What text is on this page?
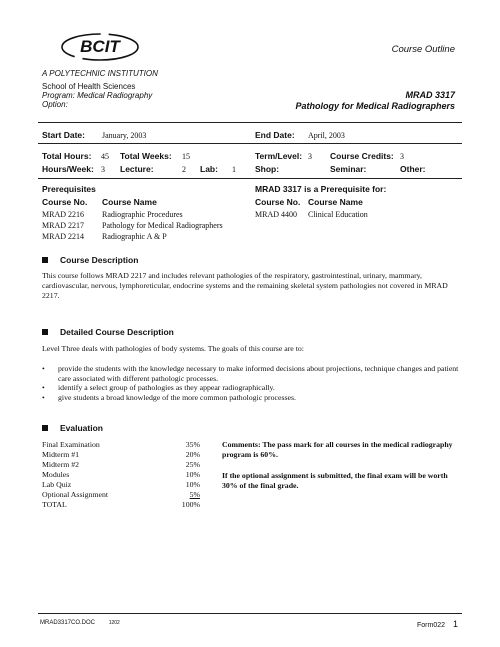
BCIT
A POLYTECHNIC INSTITUTION
School of Health Sciences
Program: Medical Radiography
Option:
Course Outline
MRAD 3317
Pathology for Medical Radiographers
Start Date: January, 2003	End Date: April, 2003
Total Hours: 45 Total Weeks: 15	Term/Level: 3 Course Credits: 3
Hours/Week: 3 Lecture:	2 Lab: 1 Shop:	Seminar:	Other:
Prerequisites
Course No. Course Name
MRAD 2216 Radiographic Procedures
MRAD 2217 Pathology for Medical Radiographers
MRAD 2214 Radiographic A & P
MRAD 3317 is a Prerequisite for:
Course No. Course Name
MRAD 4400 Clinical Education
Course Description
This course follows MRAD 2217 and includes relevant pathologies of the respiratory, gastrointestinal, urinary, mammary, cardiovascular, nervous, lymphoreticular, endocrine systems and the remaining skeletal system pathologies not covered in MRAD 2217.
Detailed Course Description
Level Three deals with pathologies of body systems. The goals of this course are to:
•	provide the students with the knowledge necessary to make informed decisions about projections, technique changes and patient care associated with different pathologic processes.
•	identify a select group of pathologies as they appear radiographically.
•	give students a broad knowledge of the more common pathologic processes.
Evaluation
Final Examination	35%
Midterm #1	20%
Midterm #2	25%
Modules	10%
Lab Quiz	10%
Optional Assignment	5%
TOTAL	100%
Comments: The pass mark for all courses in the medical radiography program is 60%.
If the optional assignment is submitted, the final exam will be worth 30% of the final grade.
MRAD3317CO.DOC	1202	Form022 1
